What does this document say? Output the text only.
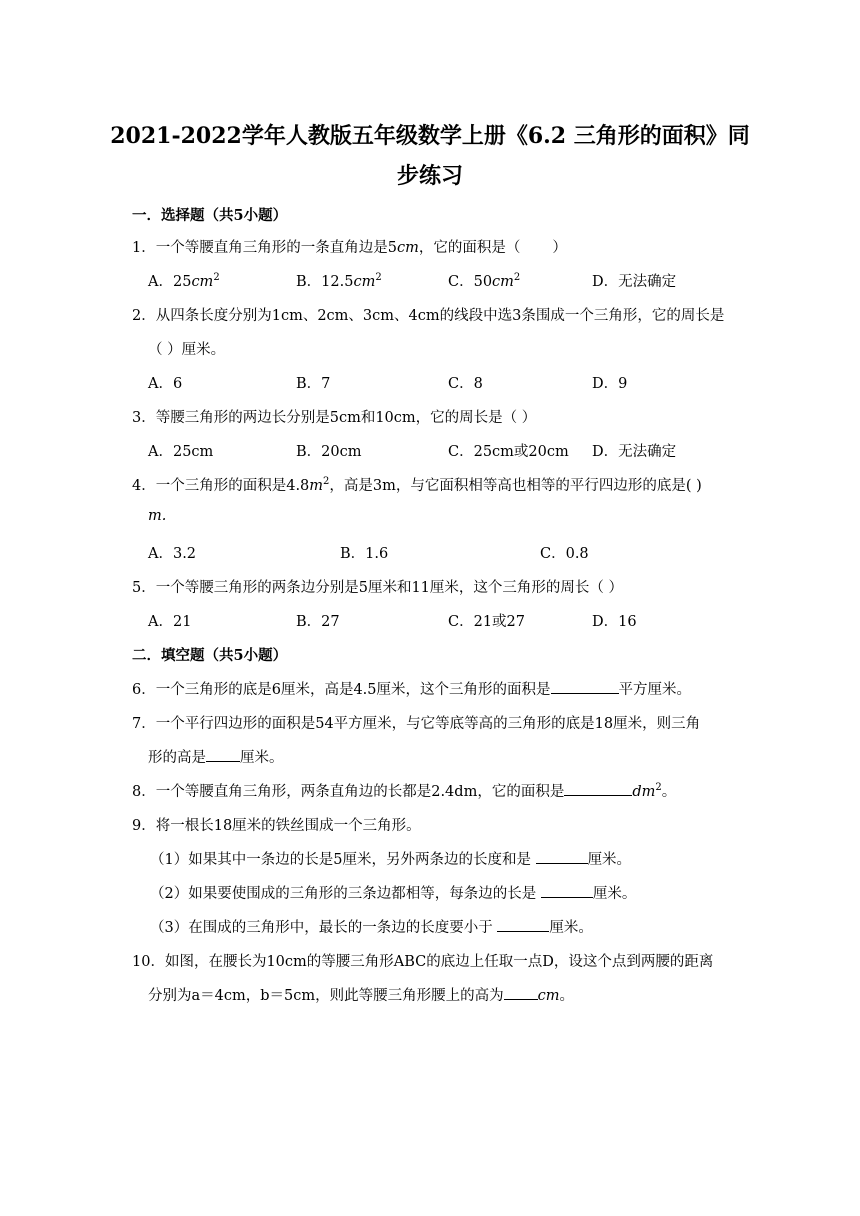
2021-2022学年人教版五年级数学上册《6.2 三角形的面积》同
步练习
一．选择题（共5小题）
1．一个等腰直角三角形的一条直角边是5cm，它的面积是（ ）
A．$25cm^2$	B．$12.5cm^2$	C．$50cm^2$	D．无法确定
2．从四条长度分别为1cm、2cm、3cm、4cm的线段中选3条围成一个三角形，它的周长是
（ ）厘米。
A．6	B．7	C．8	D．9
3．等腰三角形的两边长分别是5cm和10cm，它的周长是（ ）
A．25cm	B．20cm	C．25cm或20cm D．无法确定
4．一个三角形的面积是$4.8m^2$，高是3m，与它面积相等高也相等的平行四边形的底是( )
m.
A．3.2	B．1.6	C．0.8
5．一个等腰三角形的两条边分别是5厘米和11厘米，这个三角形的周长（ ）
A．21	B．27	C．21或27	D．16
二．填空题（共5小题）
6．一个三角形的底是6厘米，高是4.5厘米，这个三角形的面积是	平方厘米。
7．一个平行四边形的面积是54平方厘米，与它等底等高的三角形的底是18厘米，则三角
形的高是 厘米。
8．一个等腰直角三角形，两条直角边的长都是2.4dm，它的面积是	$dm^2$。
9．将一根长18厘米的铁丝围成一个三角形。
（1）如果其中一条边的长是5厘米，另外两条边的长度和是	厘米。
（2）如果要使围成的三角形的三条边都相等，每条边的长是	厘米。
（3）在围成的三角形中，最长的一条边的长度要小于	厘米。
10．如图，在腰长为10cm的等腰三角形ABC的底边上任取一点D，设这个点到两腰的距离
分别为a＝4cm，b＝5cm，则此等腰三角形腰上的高为 cm。
